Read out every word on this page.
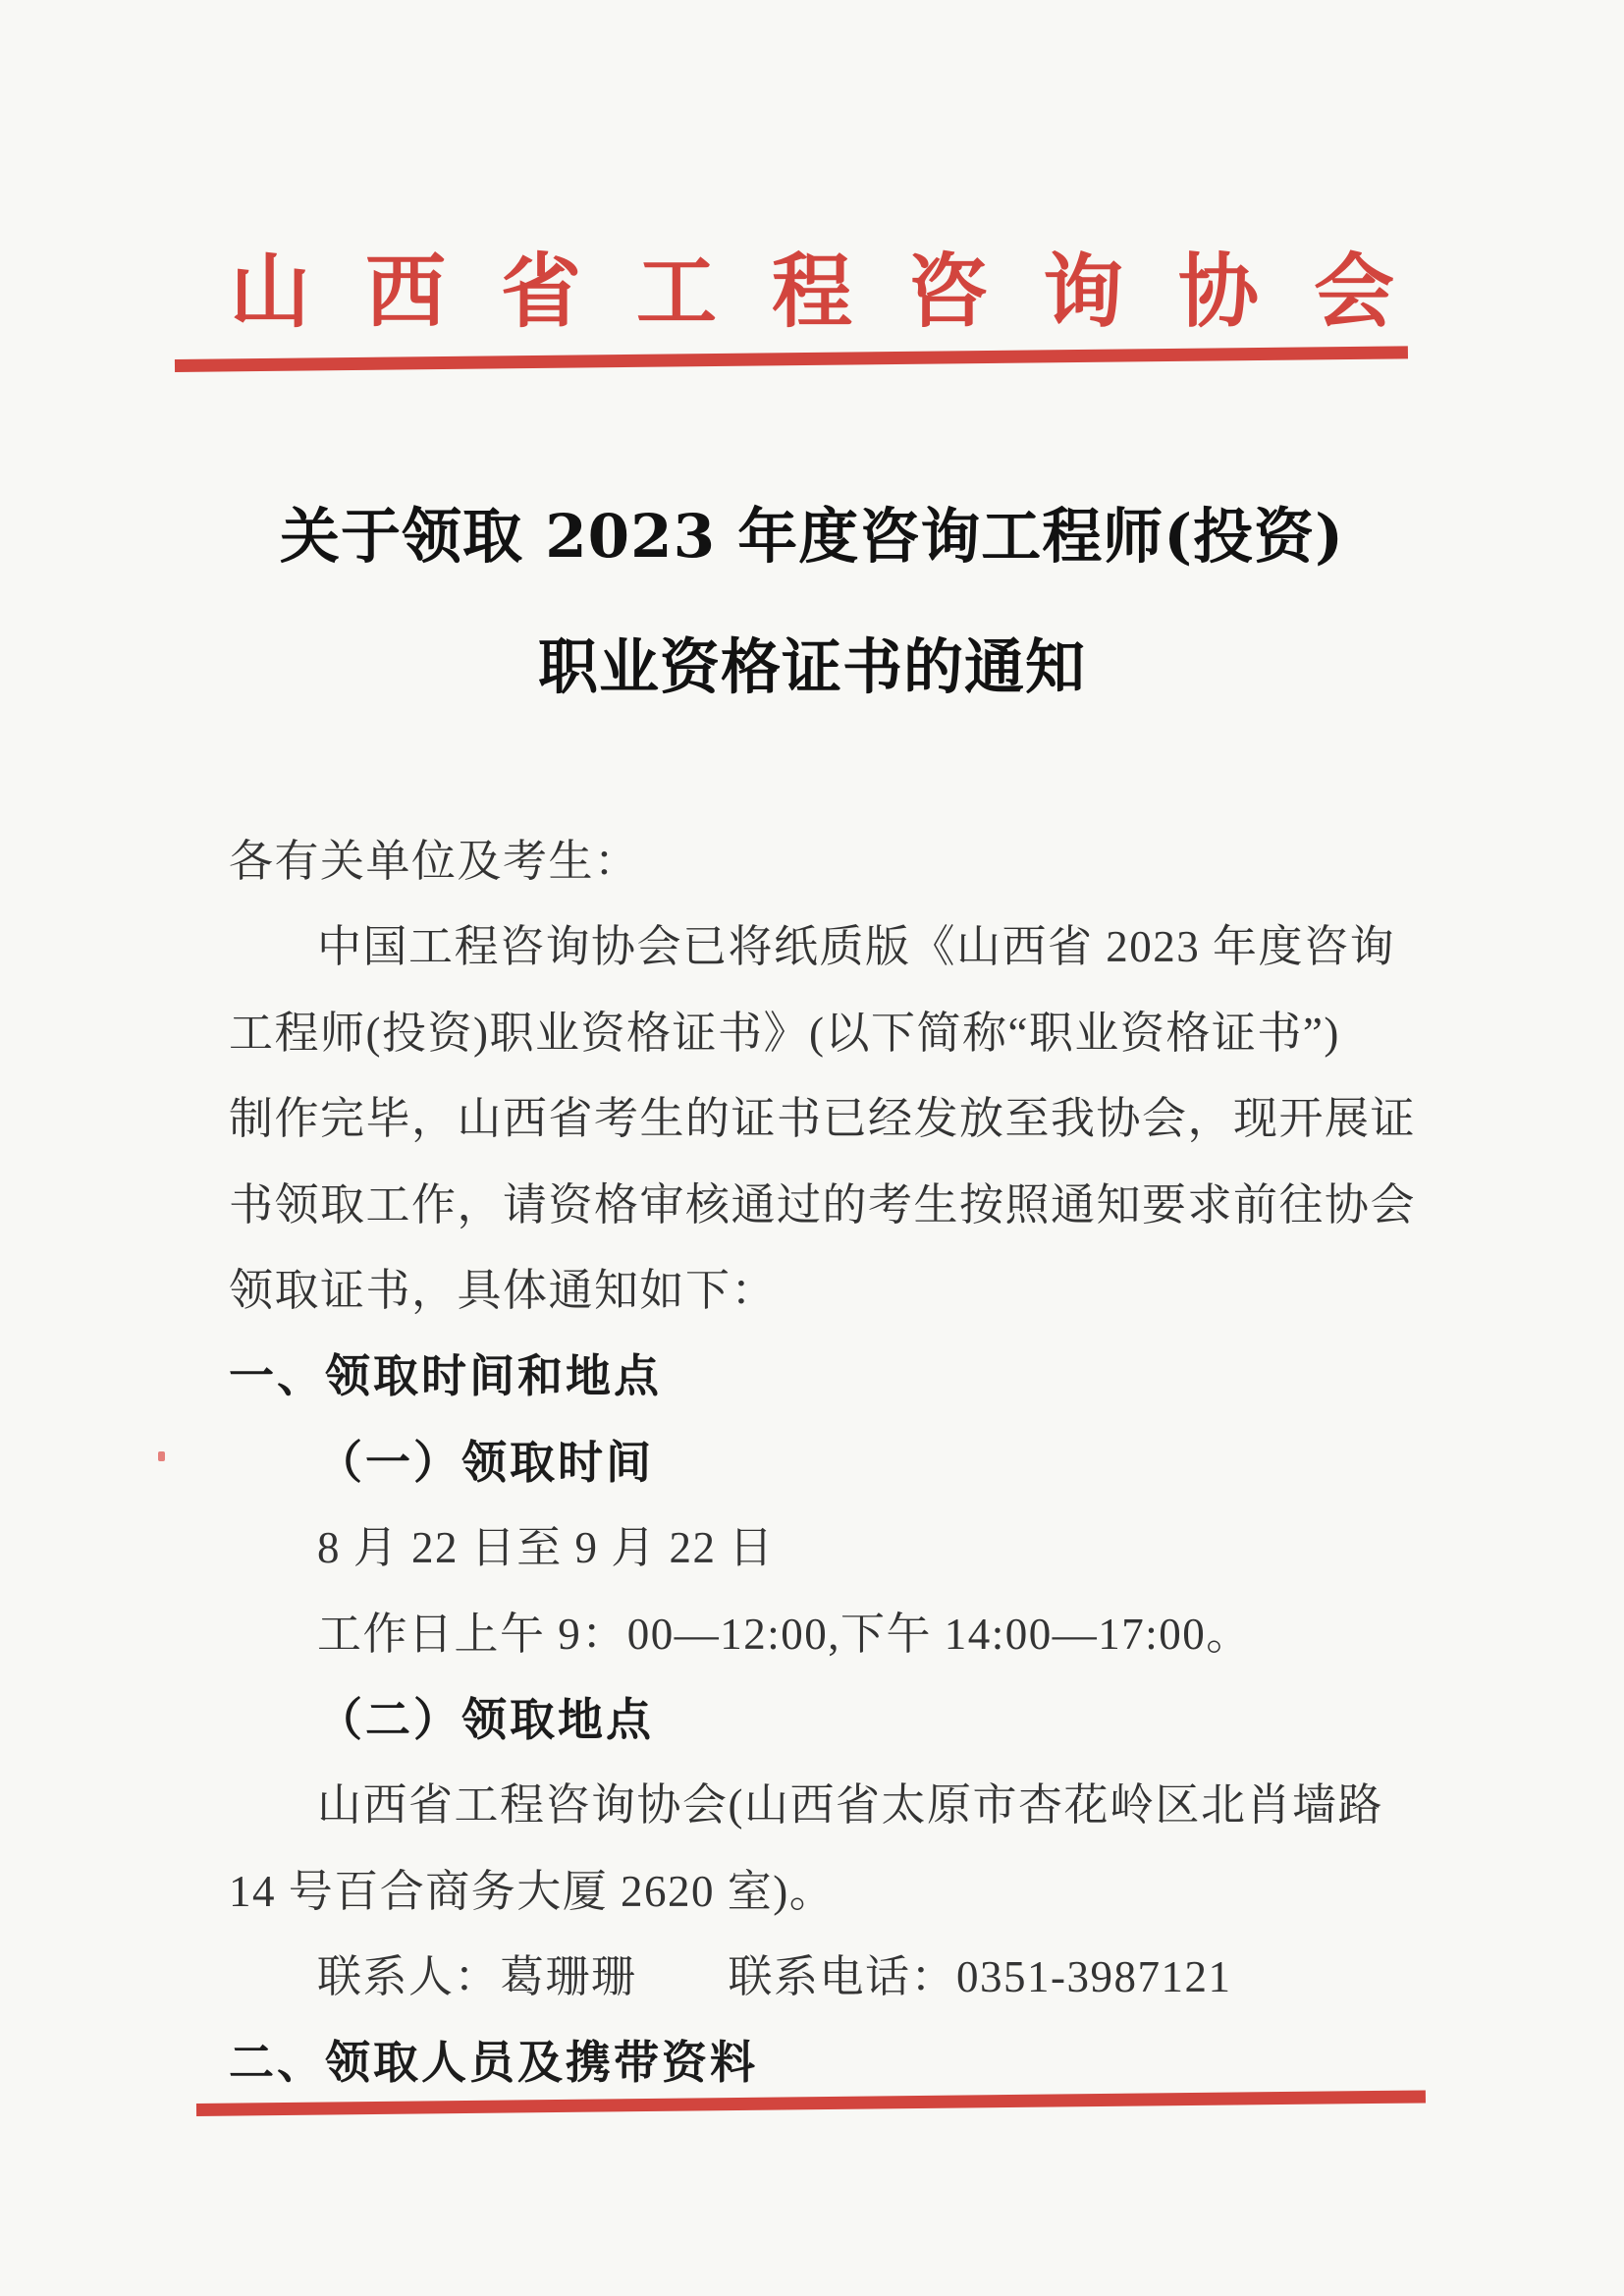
山西省工程咨询协会
关于领取 2023 年度咨询工程师(投资)
职业资格证书的通知
各有关单位及考生：
中国工程咨询协会已将纸质版《山西省 2023 年度咨询
工程师(投资)职业资格证书》(以下简称“职业资格证书”)
制作完毕，山西省考生的证书已经发放至我协会，现开展证
书领取工作，请资格审核通过的考生按照通知要求前往协会
领取证书，具体通知如下：
一、领取时间和地点
（一）领取时间
8 月 22 日至 9 月 22 日
工作日上午 9：00—12:00,下午 14:00—17:00。
（二）领取地点
山西省工程咨询协会(山西省太原市杏花岭区北肖墙路
14 号百合商务大厦 2620 室)。
联系人：葛珊珊　　联系电话：0351-3987121
二、领取人员及携带资料
